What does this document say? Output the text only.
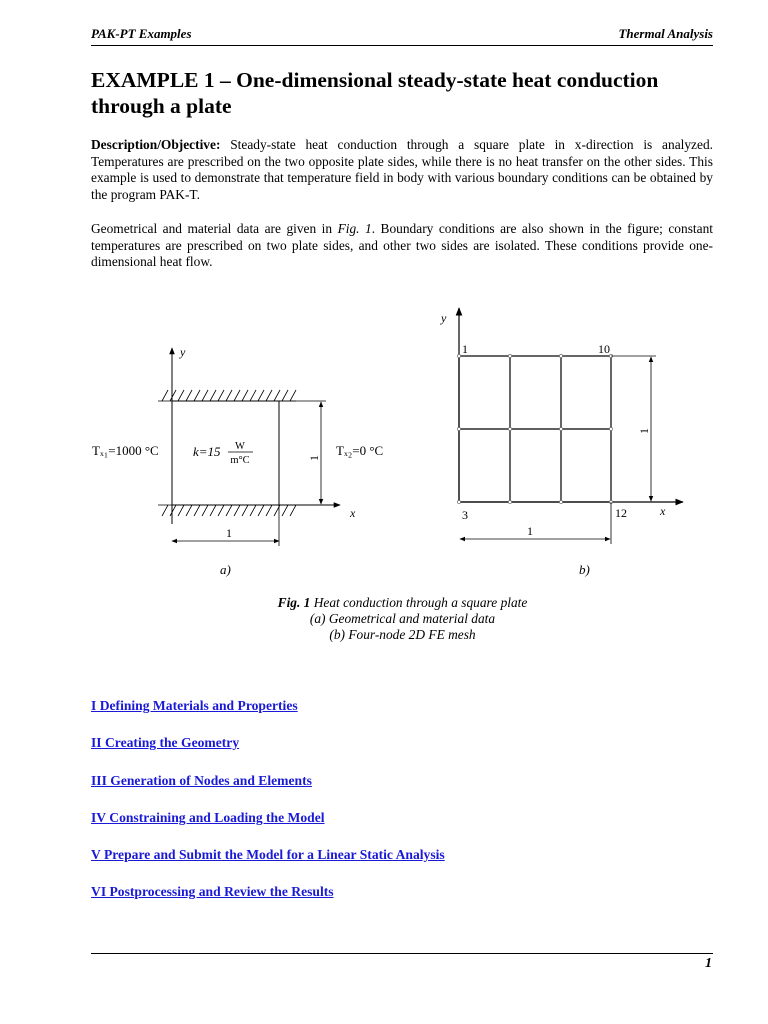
PAK-PT Examples	Thermal Analysis
EXAMPLE 1 – One-dimensional steady-state heat conduction through a plate

Description/Objective: Steady-state heat conduction through a square plate in x-direction is analyzed. Temperatures are prescribed on the two opposite plate sides, while there is no heat transfer on the other sides. This example is used to demonstrate that temperature field in body with various boundary conditions can be obtained by the program PAK-T.

Geometrical and material data are given in Fig. 1. Boundary conditions are also shown in the figure; constant temperatures are prescribed on two plate sides, and other two sides are isolated. These conditions provide one-dimensional heat flow.

y
x
1
1
Tₓ₁=1000 °C	Tₓ₂=0 °C
k=15 W
m°C
a)
y
x
1	10
3	12
1
1
b)
Fig. 1 Heat conduction through a square plate
(a) Geometrical and material data
(b) Four-node 2D FE mesh
I Defining Materials and Properties
II Creating the Geometry
III Generation of Nodes and Elements
IV Constraining and Loading the Model
V Prepare and Submit the Model for a Linear Static Analysis
VI Postprocessing and Review the Results
1
